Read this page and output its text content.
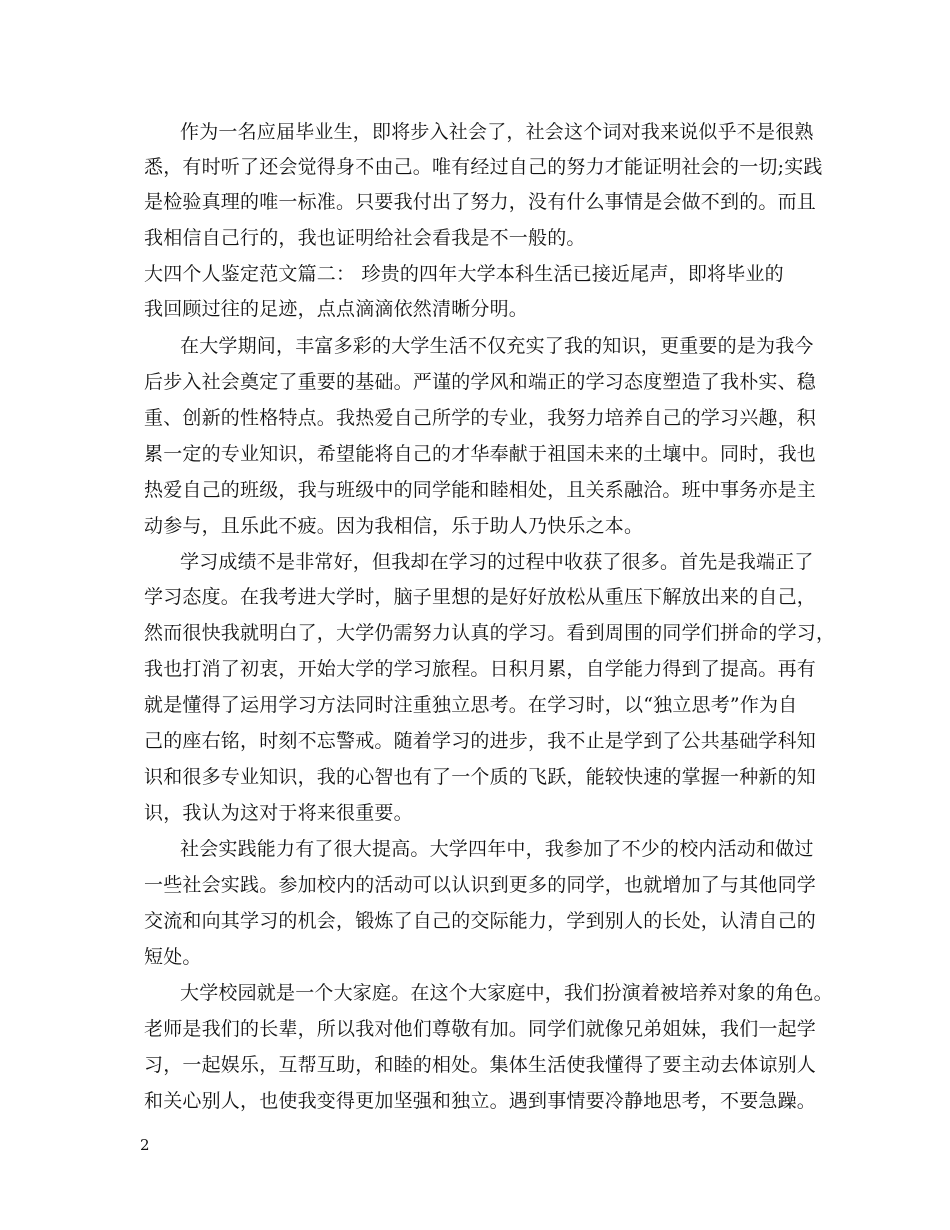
作为一名应届毕业生，即将步入社会了，社会这个词对我来说似乎不是很熟
悉，有时听了还会觉得身不由己。唯有经过自己的努力才能证明社会的一切;实践
是检验真理的唯一标准。只要我付出了努力，没有什么事情是会做不到的。而且
我相信自己行的，我也证明给社会看我是不一般的。
大四个人鉴定范文篇二： 珍贵的四年大学本科生活已接近尾声，即将毕业的
我回顾过往的足迹，点点滴滴依然清晰分明。
在大学期间，丰富多彩的大学生活不仅充实了我的知识，更重要的是为我今
后步入社会奠定了重要的基础。严谨的学风和端正的学习态度塑造了我朴实、稳
重、创新的性格特点。我热爱自己所学的专业，我努力培养自己的学习兴趣，积
累一定的专业知识，希望能将自己的才华奉献于祖国未来的土壤中。同时，我也
热爱自己的班级，我与班级中的同学能和睦相处，且关系融洽。班中事务亦是主
动参与，且乐此不疲。因为我相信，乐于助人乃快乐之本。
学习成绩不是非常好，但我却在学习的过程中收获了很多。首先是我端正了
学习态度。在我考进大学时，脑子里想的是好好放松从重压下解放出来的自己，
然而很快我就明白了，大学仍需努力认真的学习。看到周围的同学们拼命的学习，
我也打消了初衷，开始大学的学习旅程。日积月累，自学能力得到了提高。再有
就是懂得了运用学习方法同时注重独立思考。在学习时，以“独立思考”作为自
己的座右铭，时刻不忘警戒。随着学习的进步，我不止是学到了公共基础学科知
识和很多专业知识，我的心智也有了一个质的飞跃，能较快速的掌握一种新的知
识，我认为这对于将来很重要。
社会实践能力有了很大提高。大学四年中，我参加了不少的校内活动和做过
一些社会实践。参加校内的活动可以认识到更多的同学，也就增加了与其他同学
交流和向其学习的机会，锻炼了自己的交际能力，学到别人的长处，认清自己的
短处。
大学校园就是一个大家庭。在这个大家庭中，我们扮演着被培养对象的角色。
老师是我们的长辈，所以我对他们尊敬有加。同学们就像兄弟姐妹，我们一起学
习，一起娱乐，互帮互助，和睦的相处。集体生活使我懂得了要主动去体谅别人
和关心别人，也使我变得更加坚强和独立。遇到事情要冷静地思考，不要急躁。
2
